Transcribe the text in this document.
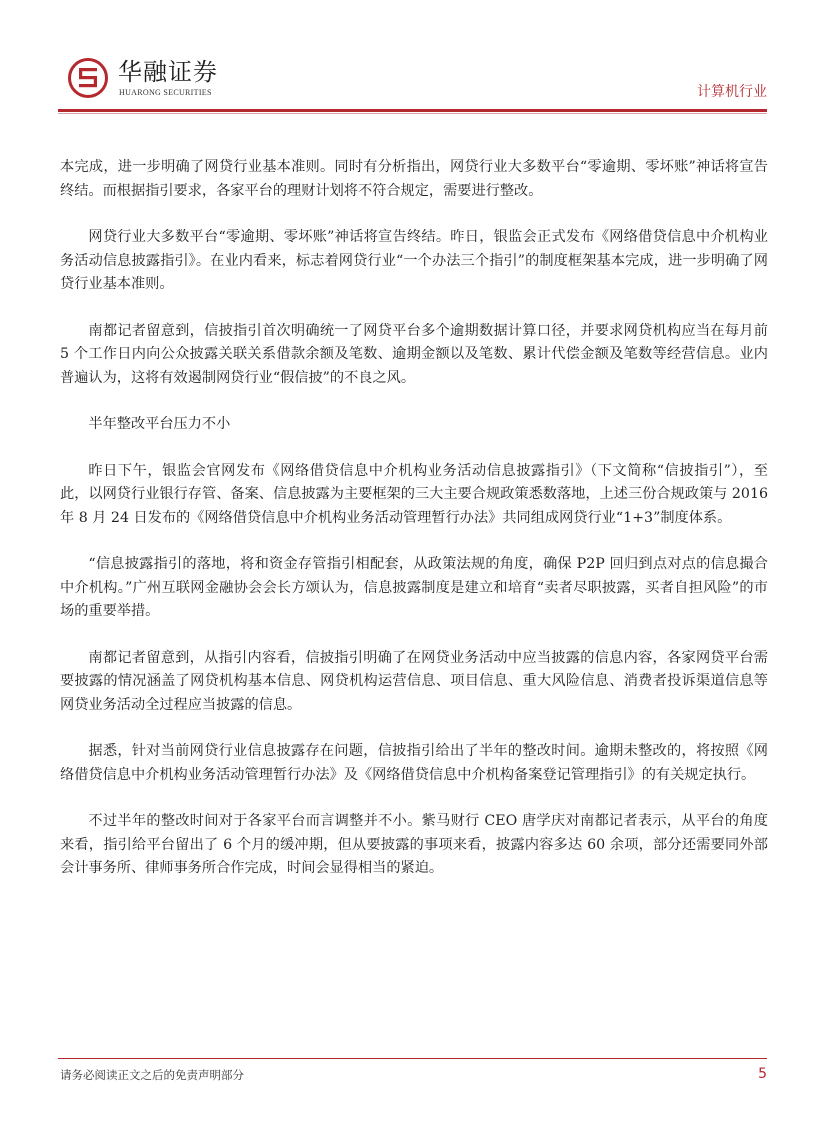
华融证券
HUARONG SECURITIES	计算机行业

本完成，进一步明确了网贷行业基本准则。同时有分析指出，网贷行业大多数平台“零逾期、零坏账”神话将宣告终结。而根据指引要求，各家平台的理财计划将不符合规定，需要进行整改。

网贷行业大多数平台“零逾期、零坏账”神话将宣告终结。昨日，银监会正式发布《网络借贷信息中介机构业务活动信息披露指引》。在业内看来，标志着网贷行业“一个办法三个指引”的制度框架基本完成，进一步明确了网贷行业基本准则。

南都记者留意到，信披指引首次明确统一了网贷平台多个逾期数据计算口径，并要求网贷机构应当在每月前 5 个工作日内向公众披露关联关系借款余额及笔数、逾期金额以及笔数、累计代偿金额及笔数等经营信息。业内普遍认为，这将有效遏制网贷行业“假信披”的不良之风。

半年整改平台压力不小

昨日下午，银监会官网发布《网络借贷信息中介机构业务活动信息披露指引》（下文简称“信披指引”），至此，以网贷行业银行存管、备案、信息披露为主要框架的三大主要合规政策悉数落地，上述三份合规政策与 2016 年 8 月 24 日发布的《网络借贷信息中介机构业务活动管理暂行办法》共同组成网贷行业“1+3”制度体系。

“信息披露指引的落地，将和资金存管指引相配套，从政策法规的角度，确保 P2P 回归到点对点的信息撮合中介机构。”广州互联网金融协会会长方颂认为，信息披露制度是建立和培育“卖者尽职披露，买者自担风险”的市场的重要举措。

南都记者留意到，从指引内容看，信披指引明确了在网贷业务活动中应当披露的信息内容，各家网贷平台需要披露的情况涵盖了网贷机构基本信息、网贷机构运营信息、项目信息、重大风险信息、消费者投诉渠道信息等网贷业务活动全过程应当披露的信息。

据悉，针对当前网贷行业信息披露存在问题，信披指引给出了半年的整改时间。逾期未整改的，将按照《网络借贷信息中介机构业务活动管理暂行办法》及《网络借贷信息中介机构备案登记管理指引》的有关规定执行。

不过半年的整改时间对于各家平台而言调整并不小。紫马财行 CEO 唐学庆对南都记者表示，从平台的角度来看，指引给平台留出了 6 个月的缓冲期，但从要披露的事项来看，披露内容多达 60 余项，部分还需要同外部会计事务所、律师事务所合作完成，时间会显得相当的紧迫。

请务必阅读正文之后的免责声明部分	5
